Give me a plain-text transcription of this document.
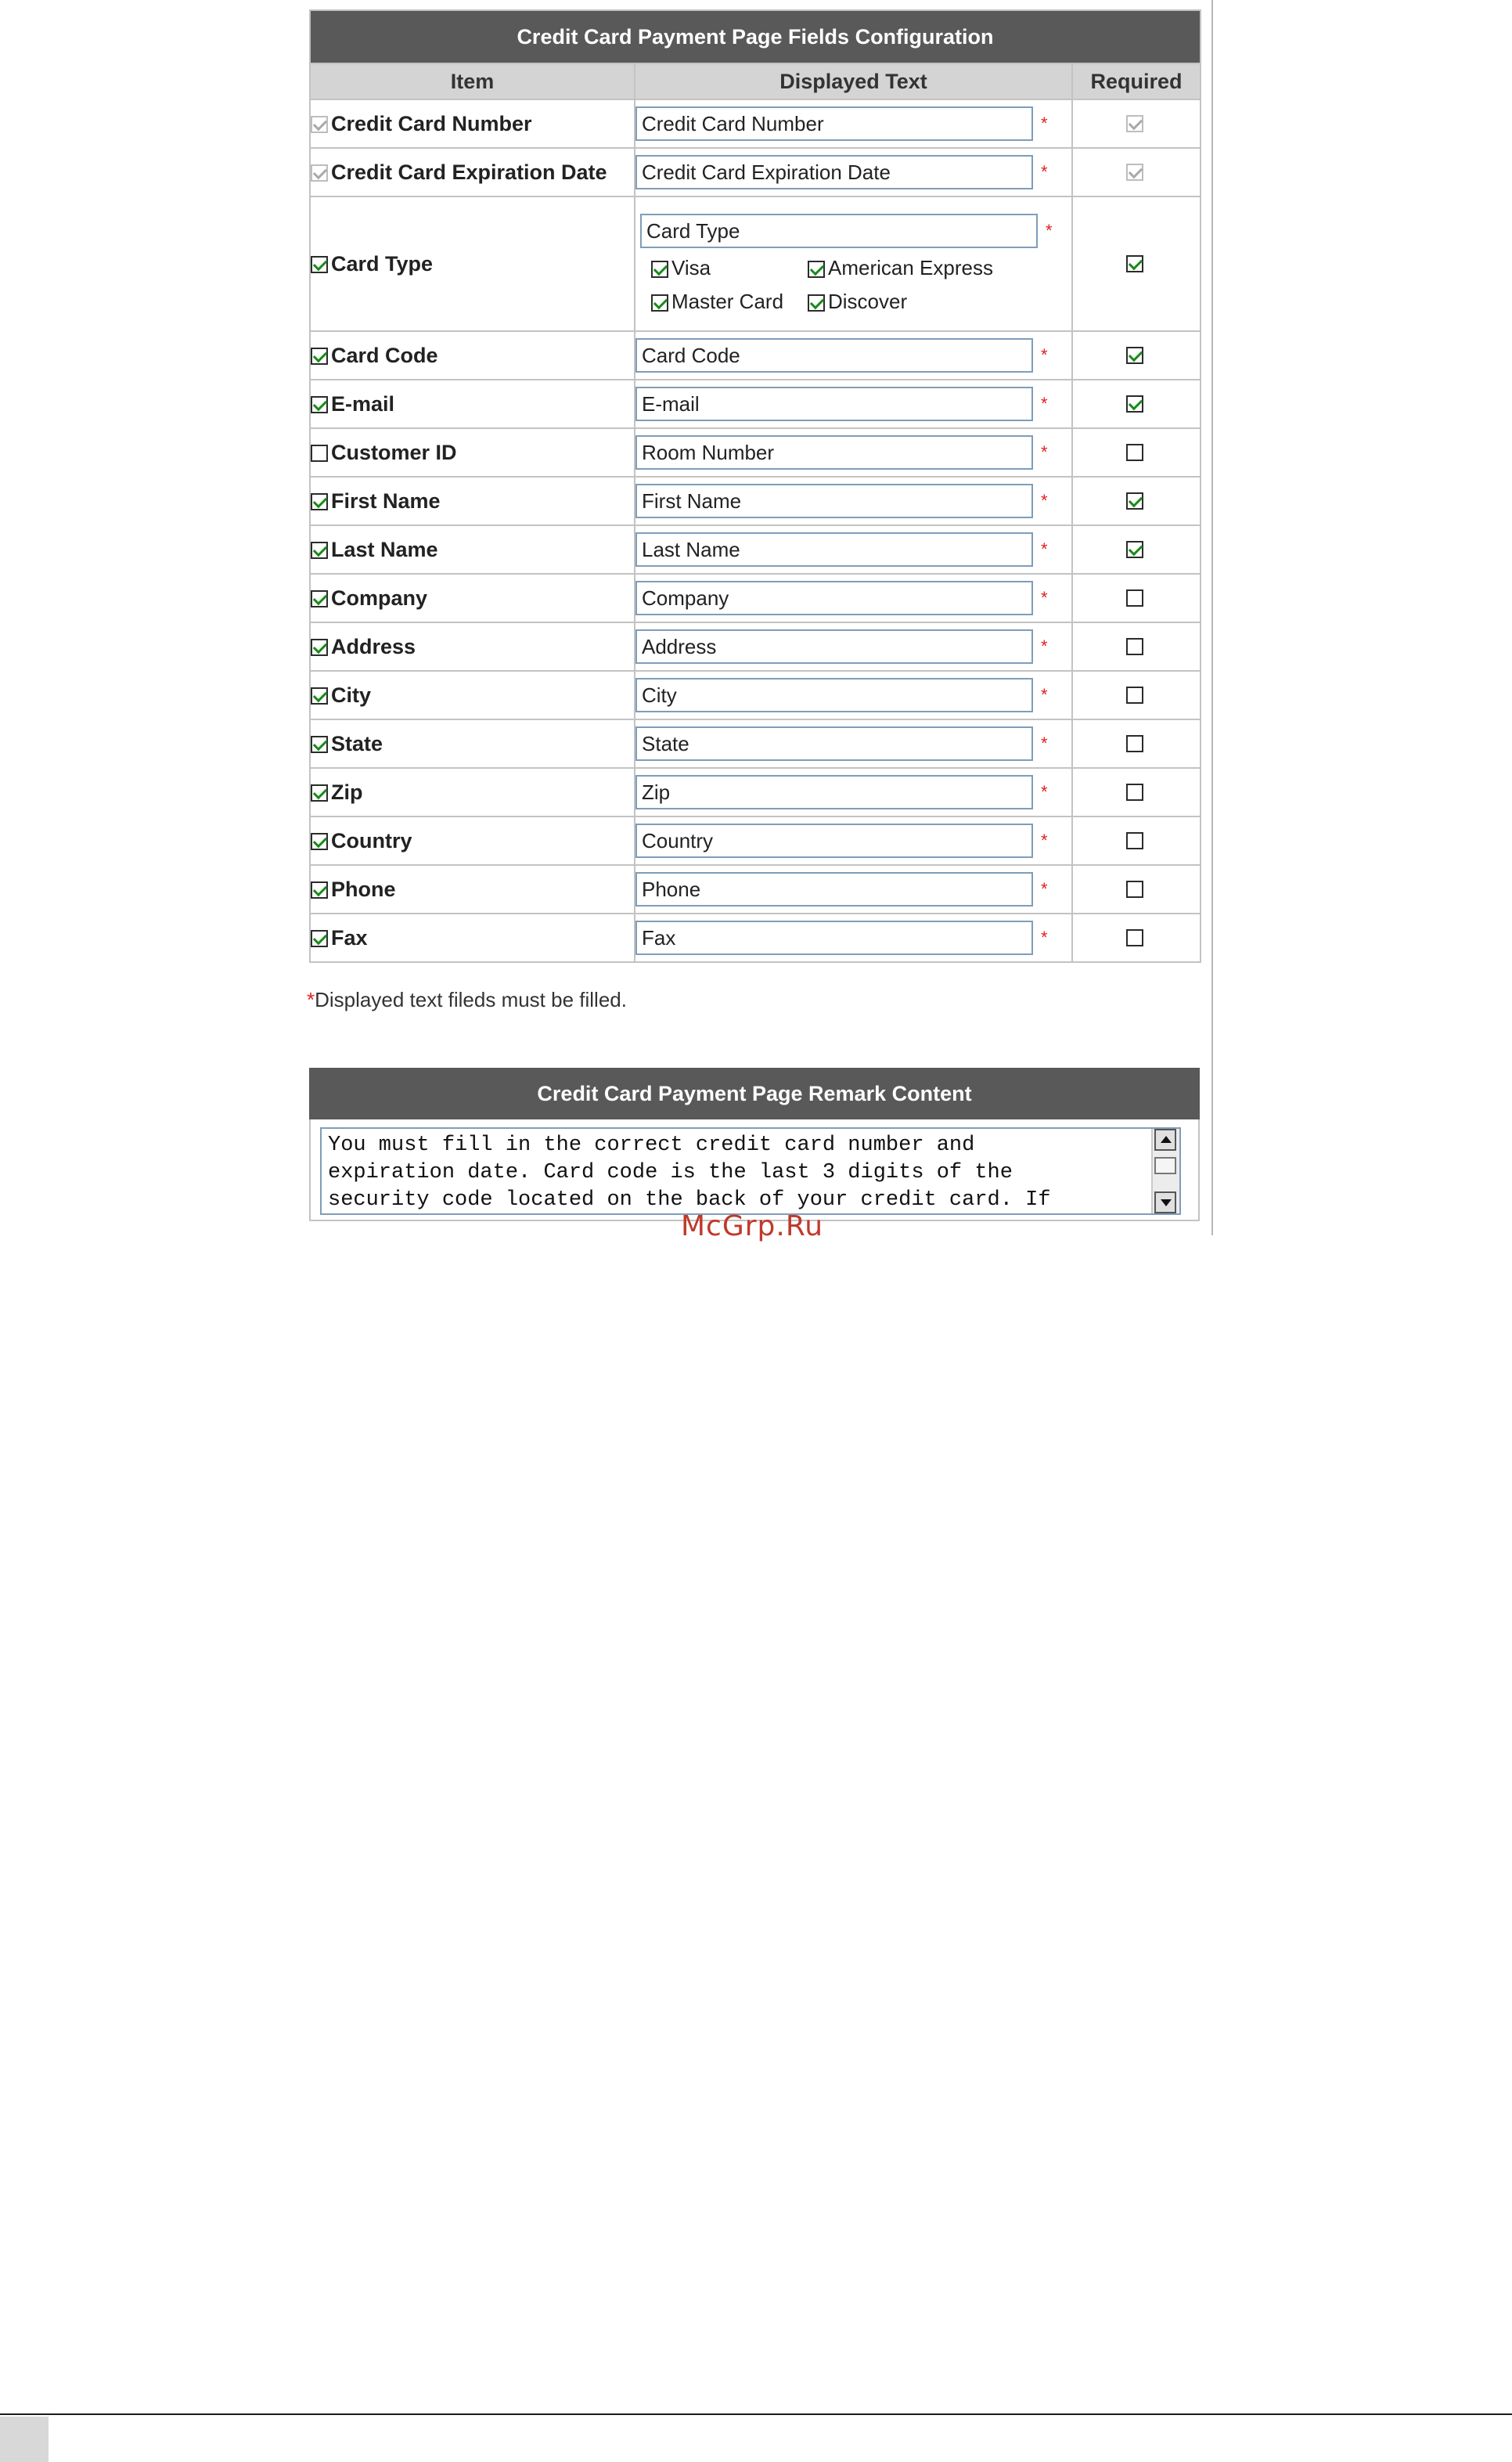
Credit Card Payment Page Fields Configuration		
Item	Displayed Text	Required
Credit Card Number	Credit Card Number *	

Credit Card Expiration Date	Credit Card Expiration Date *	

Card Type	Card Type *
Visa American Express
Master Card Discover	

Card Code	Card Code *	

E-mail	E-mail *	

Customer ID	Room Number *	

First Name	First Name *	

Last Name	Last Name *	

Company	Company *	

Address	Address *	

City	City *	

State	State *	

Zip	Zip *	

Country	Country *	

Phone	Phone *	

Fax	Fax *	

*Displayed text fileds must be filled.
Credit Card Payment Page Remark Content
You must fill in the correct credit card number and
expiration date. Card code is the last 3 digits of the
security code located on the back of your credit card. If
McGrp.Ru
